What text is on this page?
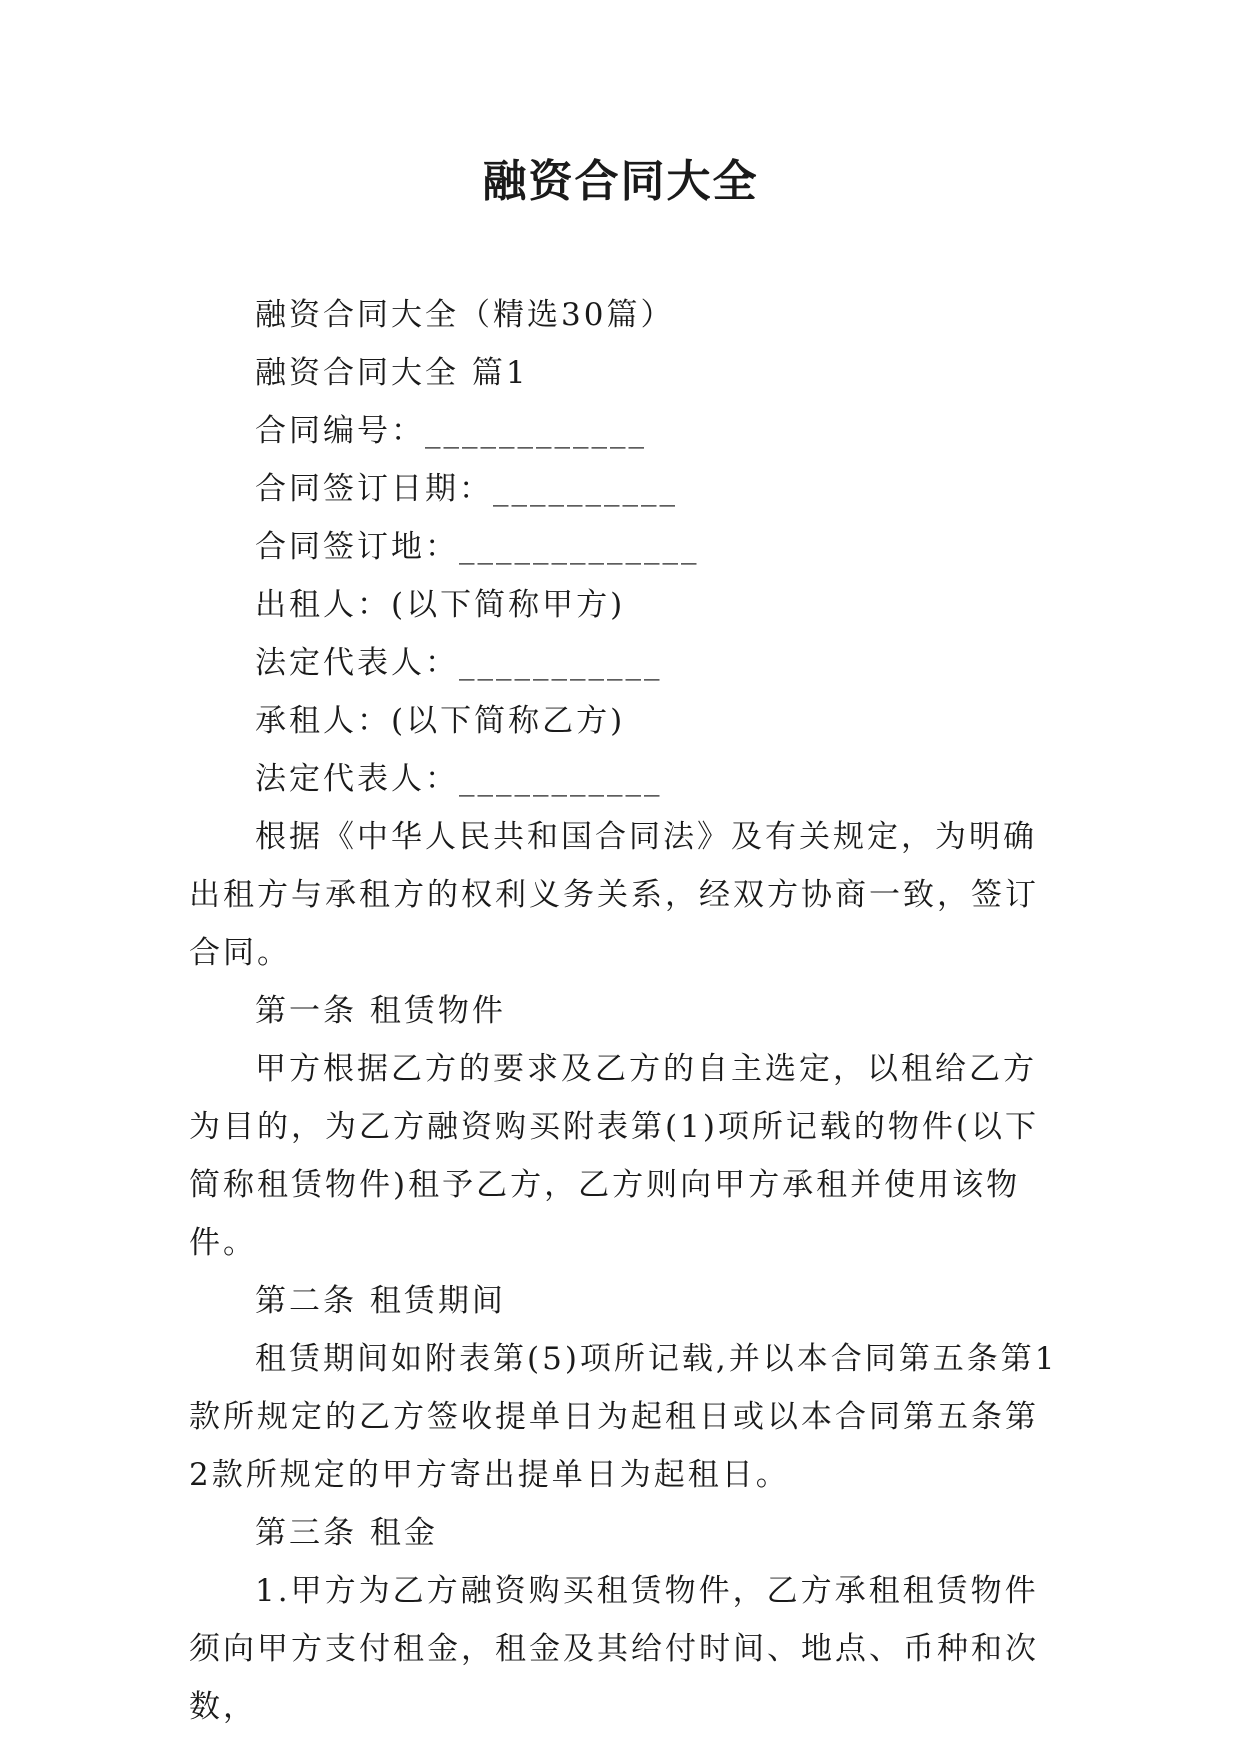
融资合同大全

融资合同大全（精选30篇）

融资合同大全 篇1

合同编号：____________

合同签订日期：__________

合同签订地：_____________

出租人：(以下简称甲方)

法定代表人：___________

承租人：(以下简称乙方)

法定代表人：___________

根据《中华人民共和国合同法》及有关规定，为明确出租方与承租方的权利义务关系，经双方协商一致，签订合同。

第一条 租赁物件

甲方根据乙方的要求及乙方的自主选定，以租给乙方为目的，为乙方融资购买附表第(1)项所记载的物件(以下简称租赁物件)租予乙方，乙方则向甲方承租并使用该物件。

第二条 租赁期间

租赁期间如附表第(5)项所记载,并以本合同第五条第1款所规定的乙方签收提单日为起租日或以本合同第五条第2款所规定的甲方寄出提单日为起租日。

第三条 租金

1.甲方为乙方融资购买租赁物件，乙方承租租赁物件须向甲方支付租金，租金及其给付时间、地点、币种和次数，
